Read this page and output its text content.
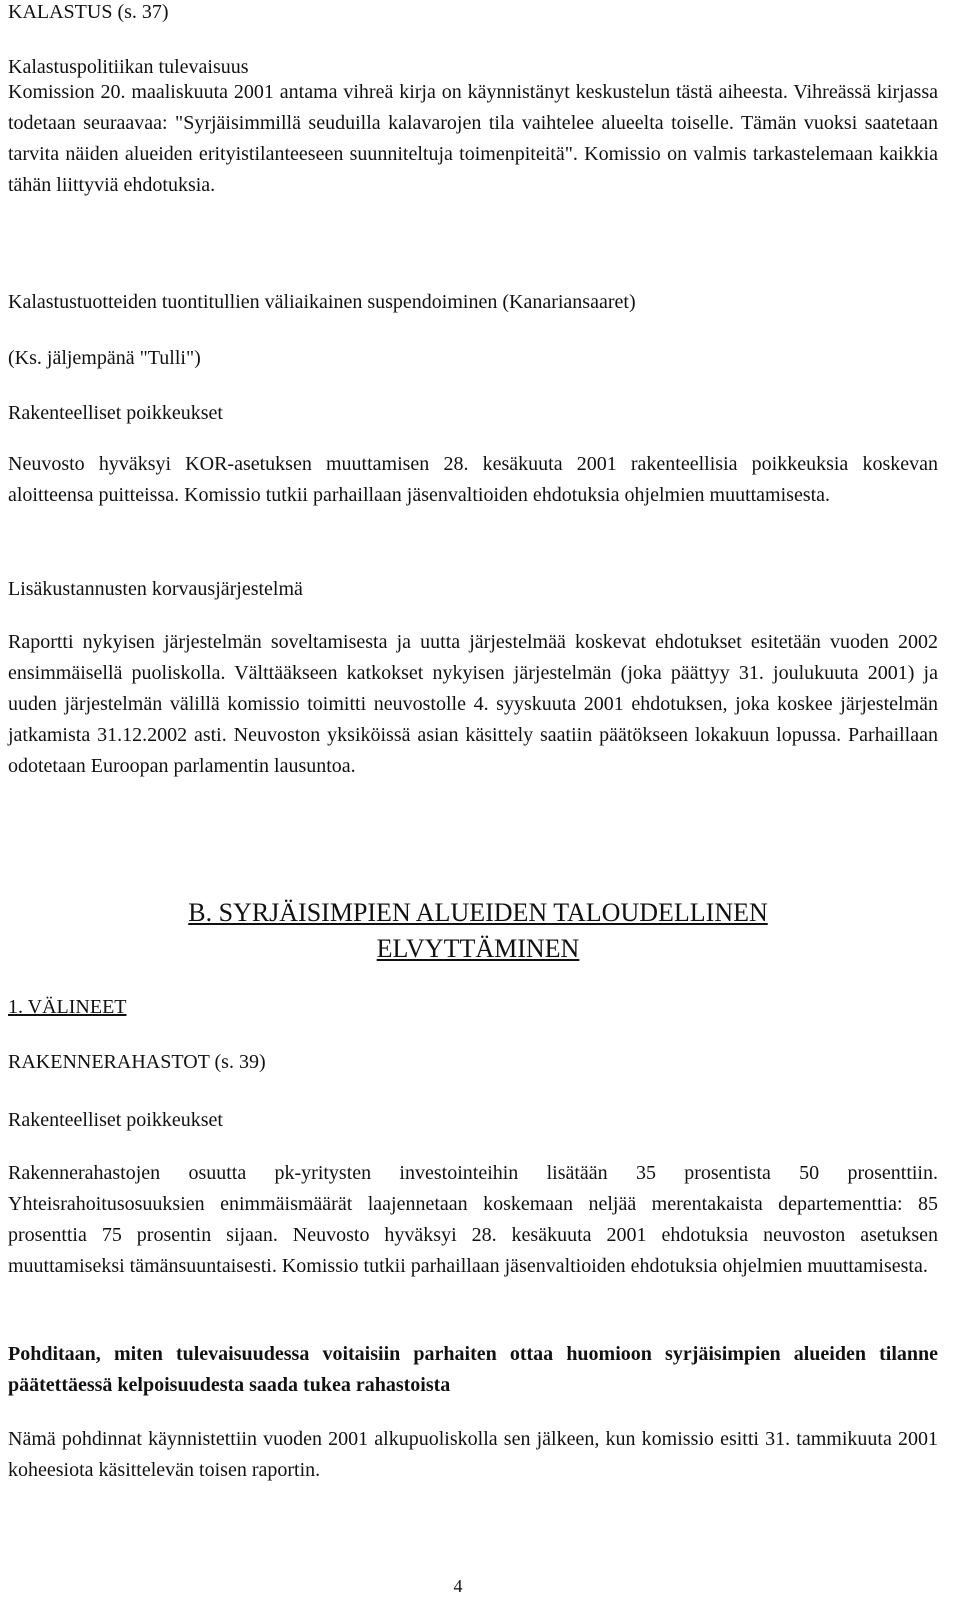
KALASTUS (s. 37)
Kalastuspolitiikan tulevaisuus

Komission 20. maaliskuuta 2001 antama vihreä kirja on käynnistänyt keskustelun tästä aiheesta. Vihreässä kirjassa todetaan seuraavaa: "Syrjäisimmillä seuduilla kalavarojen tila vaihtelee alueelta toiselle. Tämän vuoksi saatetaan tarvita näiden alueiden erityistilanteeseen suunniteltuja toimenpiteitä". Komissio on valmis tarkastelemaan kaikkia tähän liittyviä ehdotuksia.

Kalastustuotteiden tuontitullien väliaikainen suspendoiminen (Kanariansaaret)
(Ks. jäljempänä "Tulli")
Rakenteelliset poikkeukset

Neuvosto hyväksyi KOR-asetuksen muuttamisen 28. kesäkuuta 2001 rakenteellisia poikkeuksia koskevan aloitteensa puitteissa. Komissio tutkii parhaillaan jäsenvaltioiden ehdotuksia ohjelmien muuttamisesta.

Lisäkustannusten korvausjärjestelmä

Raportti nykyisen järjestelmän soveltamisesta ja uutta järjestelmää koskevat ehdotukset esitetään vuoden 2002 ensimmäisellä puoliskolla. Välttääkseen katkokset nykyisen järjestelmän (joka päättyy 31. joulukuuta 2001) ja uuden järjestelmän välillä komissio toimitti neuvostolle 4. syyskuuta 2001 ehdotuksen, joka koskee järjestelmän jatkamista 31.12.2002 asti. Neuvoston yksiköissä asian käsittely saatiin päätökseen lokakuun lopussa. Parhaillaan odotetaan Euroopan parlamentin lausuntoa.

B. SYRJÄISIMPIEN ALUEIDEN TALOUDELLINEN
ELVYTTÄMINEN
1. VÄLINEET
RAKENNERAHASTOT (s. 39)
Rakenteelliset poikkeukset

Rakennerahastojen osuutta pk-yritysten investointeihin lisätään 35 prosentista 50 prosenttiin. Yhteisrahoitusosuuksien enimmäismäärät laajennetaan koskemaan neljää merentakaista departementtia: 85 prosenttia 75 prosentin sijaan. Neuvosto hyväksyi 28. kesäkuuta 2001 ehdotuksia neuvoston asetuksen muuttamiseksi tämänsuuntaisesti. Komissio tutkii parhaillaan jäsenvaltioiden ehdotuksia ohjelmien muuttamisesta.

Pohditaan, miten tulevaisuudessa voitaisiin parhaiten ottaa huomioon syrjäisimpien alueiden tilanne päätettäessä kelpoisuudesta saada tukea rahastoista

Nämä pohdinnat käynnistettiin vuoden 2001 alkupuoliskolla sen jälkeen, kun komissio esitti 31. tammikuuta 2001 koheesiota käsittelevän toisen raportin.

4
